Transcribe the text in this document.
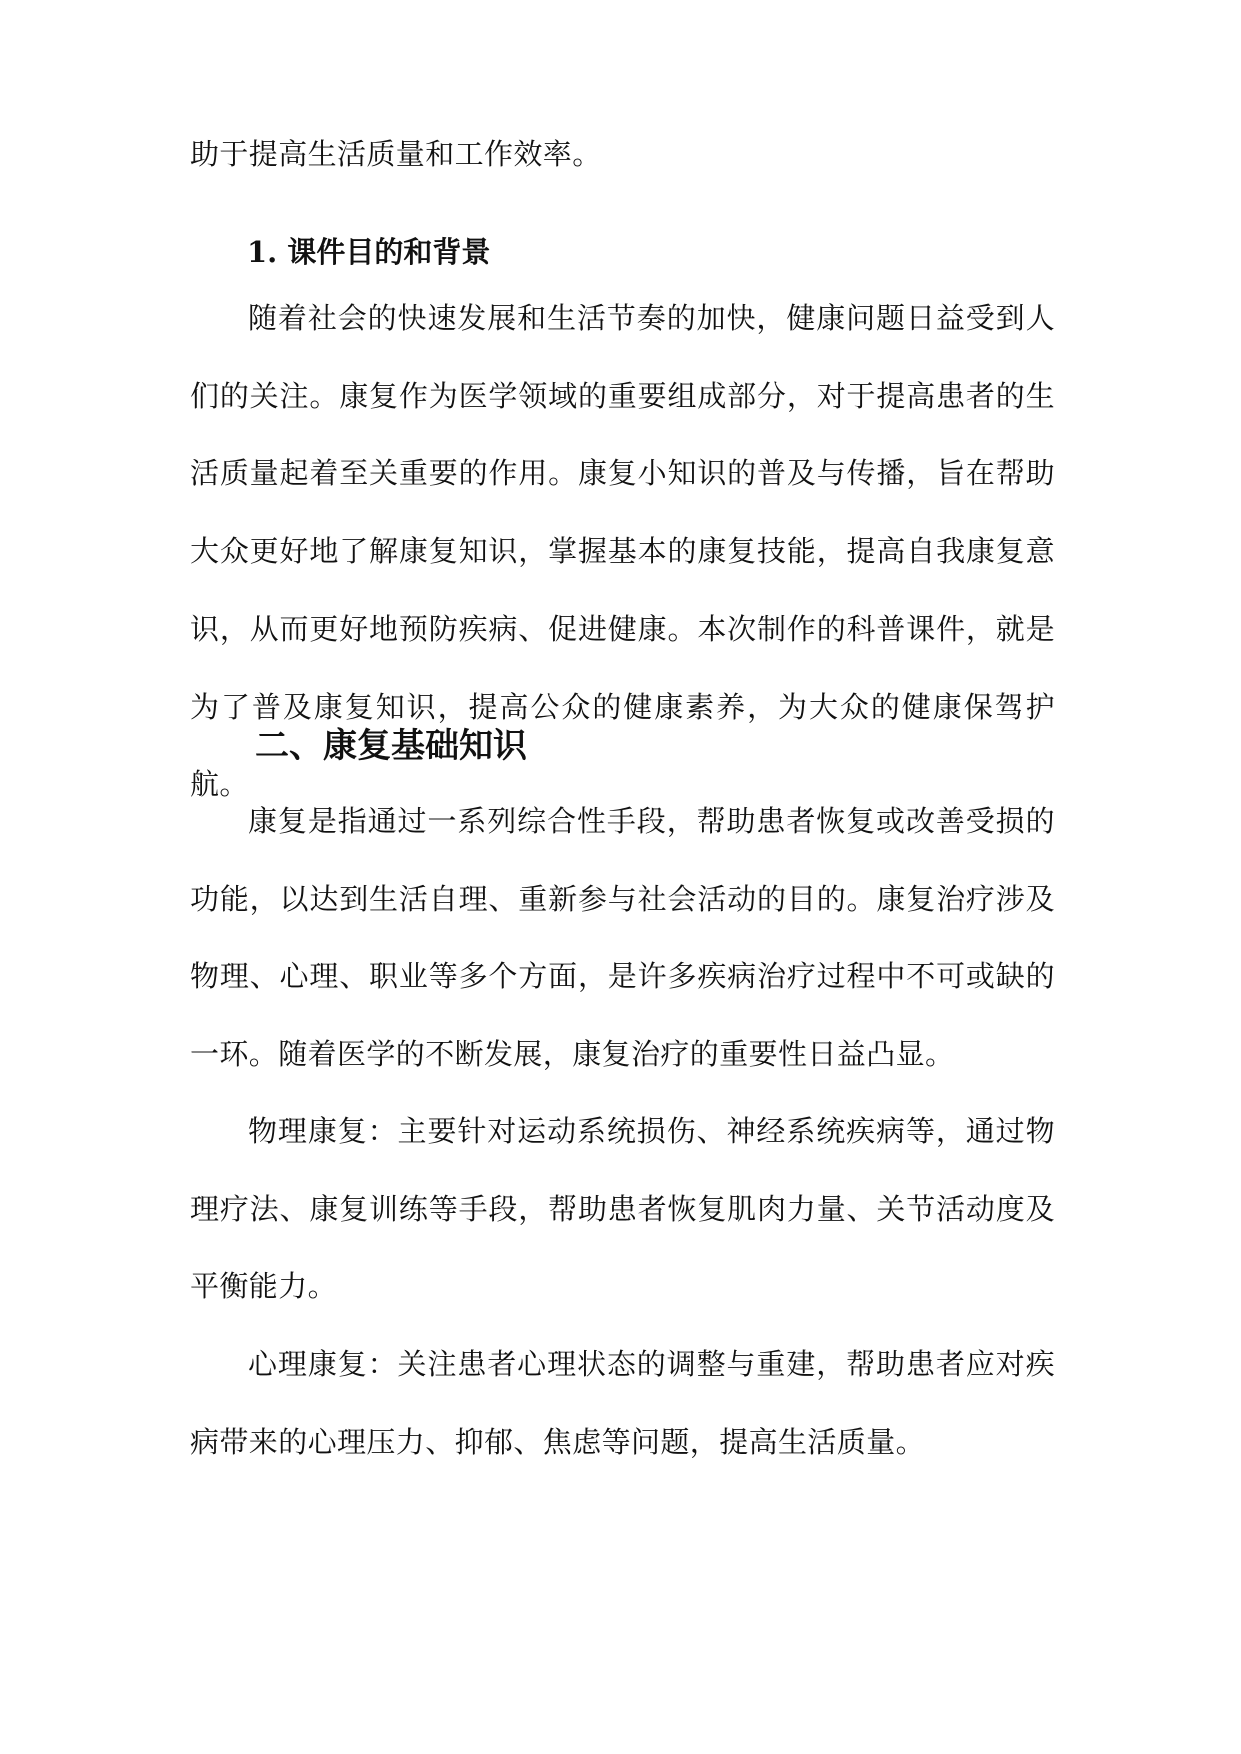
助于提高生活质量和工作效率。

1. 课件目的和背景

随着社会的快速发展和生活节奏的加快，健康问题日益受到人们的关注。康复作为医学领域的重要组成部分，对于提高患者的生活质量起着至关重要的作用。康复小知识的普及与传播，旨在帮助大众更好地了解康复知识，掌握基本的康复技能，提高自我康复意识，从而更好地预防疾病、促进健康。本次制作的科普课件，就是为了普及康复知识，提高公众的健康素养，为大众的健康保驾护航。

二、康复基础知识

康复是指通过一系列综合性手段，帮助患者恢复或改善受损的功能，以达到生活自理、重新参与社会活动的目的。康复治疗涉及物理、心理、职业等多个方面，是许多疾病治疗过程中不可或缺的一环。随着医学的不断发展，康复治疗的重要性日益凸显。

物理康复：主要针对运动系统损伤、神经系统疾病等，通过物理疗法、康复训练等手段，帮助患者恢复肌肉力量、关节活动度及平衡能力。

心理康复：关注患者心理状态的调整与重建，帮助患者应对疾病带来的心理压力、抑郁、焦虑等问题，提高生活质量。
